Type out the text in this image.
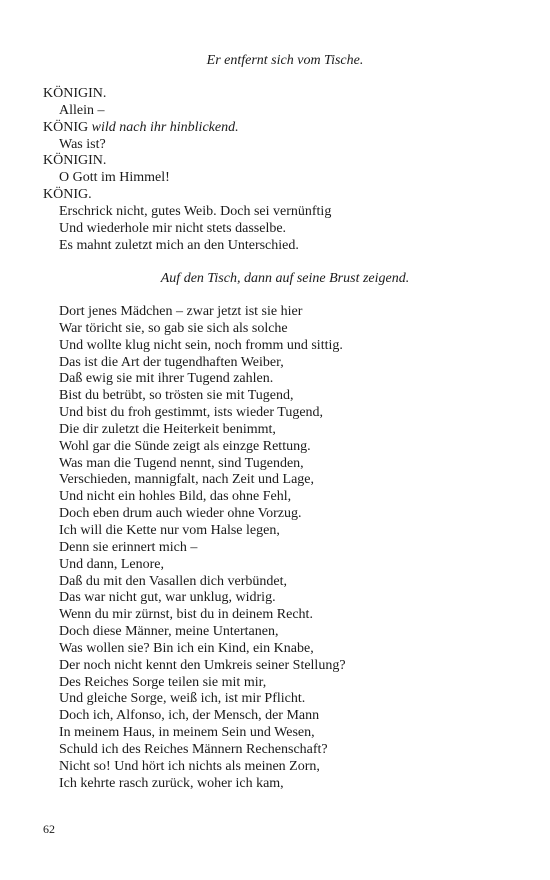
Er entfernt sich vom Tische.
KÖNIGIN.
Allein –
KÖNIG wild nach ihr hinblickend.
Was ist?
KÖNIGIN.
O Gott im Himmel!
KÖNIG.
Erschrick nicht, gutes Weib. Doch sei vernünftig
Und wiederhole mir nicht stets dasselbe.
Es mahnt zuletzt mich an den Unterschied.
Auf den Tisch, dann auf seine Brust zeigend.
Dort jenes Mädchen – zwar jetzt ist sie hier
War töricht sie, so gab sie sich als solche
Und wollte klug nicht sein, noch fromm und sittig.
Das ist die Art der tugendhaften Weiber,
Daß ewig sie mit ihrer Tugend zahlen.
Bist du betrübt, so trösten sie mit Tugend,
Und bist du froh gestimmt, ists wieder Tugend,
Die dir zuletzt die Heiterkeit benimmt,
Wohl gar die Sünde zeigt als einzge Rettung.
Was man die Tugend nennt, sind Tugenden,
Verschieden, mannigfalt, nach Zeit und Lage,
Und nicht ein hohles Bild, das ohne Fehl,
Doch eben drum auch wieder ohne Vorzug.
Ich will die Kette nur vom Halse legen,
Denn sie erinnert mich –
Und dann, Lenore,
Daß du mit den Vasallen dich verbündet,
Das war nicht gut, war unklug, widrig.
Wenn du mir zürnst, bist du in deinem Recht.
Doch diese Männer, meine Untertanen,
Was wollen sie? Bin ich ein Kind, ein Knabe,
Der noch nicht kennt den Umkreis seiner Stellung?
Des Reiches Sorge teilen sie mit mir,
Und gleiche Sorge, weiß ich, ist mir Pflicht.
Doch ich, Alfonso, ich, der Mensch, der Mann
In meinem Haus, in meinem Sein und Wesen,
Schuld ich des Reiches Männern Rechenschaft?
Nicht so! Und hört ich nichts als meinen Zorn,
Ich kehrte rasch zurück, woher ich kam,
62
